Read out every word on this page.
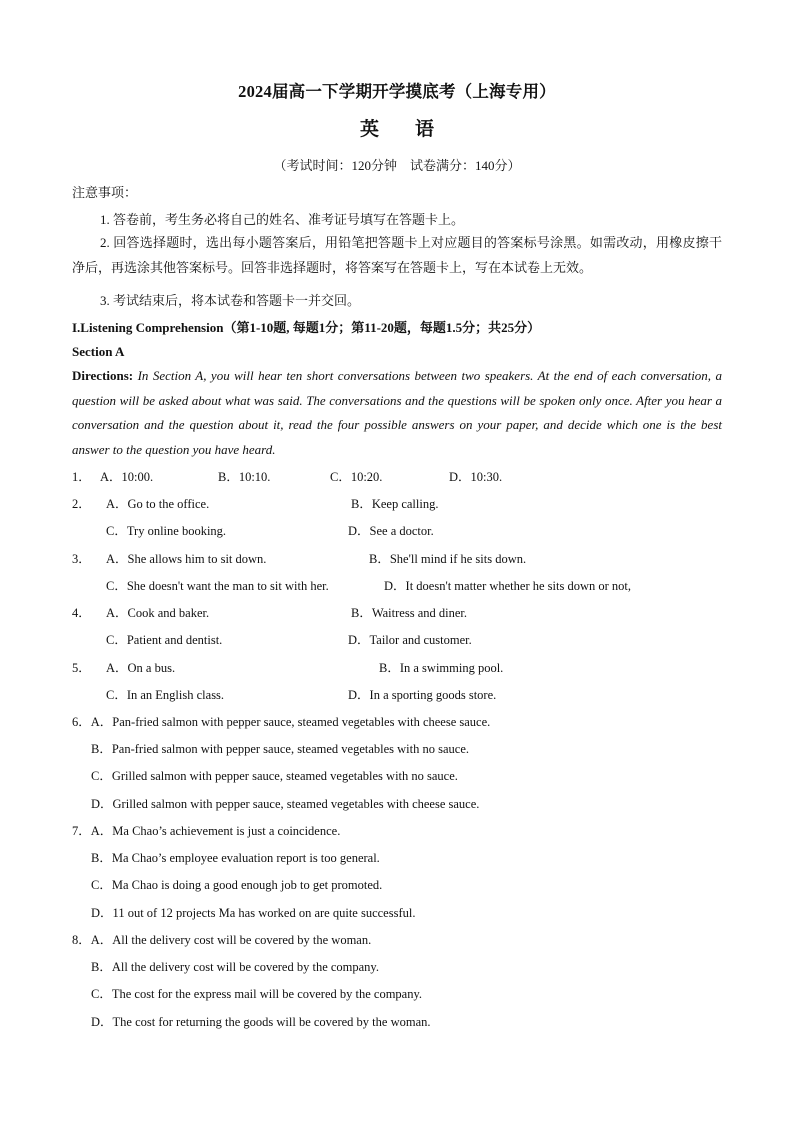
2024届高一下学期开学摸底考（上海专用）
英语
（考试时间：120分钟　试卷满分：140分）
注意事项：
1. 答卷前，考生务必将自己的姓名、准考证号填写在答题卡上。
2. 回答选择题时，选出每小题答案后，用铅笔把答题卡上对应题目的答案标号涂黑。如需改动，用橡皮擦干净后，再选涂其他答案标号。回答非选择题时，将答案写在答题卡上，写在本试卷上无效。
3. 考试结束后，将本试卷和答题卡一并交回。
I.Listening Comprehension（第1-10题, 每题1分；第11-20题，每题1.5分；共25分）
Section A
Directions: In Section A, you will hear ten short conversations between two speakers. At the end of each conversation, a question will be asked about what was said. The conversations and the questions will be spoken only once. After you hear a conversation and the question about it, read the four possible answers on your paper, and decide which one is the best answer to the question you have heard.
1． A．10:00.	B．10:10.	C．10:20.	D．10:30.
2． A．Go to the office.	B．Keep calling.
C．Try online booking.	D．See a doctor.
3． A．She allows him to sit down.	B．She'll mind if he sits down.
C．She doesn't want the man to sit with her.	D．It doesn't matter whether he sits down or not,
4． A．Cook and baker.	B．Waitress and diner.
C．Patient and dentist.	D．Tailor and customer.
5． A．On a bus.	B．In a swimming pool.
C．In an English class.	D．In a sporting goods store.
6．A．Pan-fried salmon with pepper sauce, steamed vegetables with cheese sauce.
B．Pan-fried salmon with pepper sauce, steamed vegetables with no sauce.
C．Grilled salmon with pepper sauce, steamed vegetables with no sauce.
D．Grilled salmon with pepper sauce, steamed vegetables with cheese sauce.
7．A．Ma Chao’s achievement is just a coincidence.
B．Ma Chao’s employee evaluation report is too general.
C．Ma Chao is doing a good enough job to get promoted.
D．11 out of 12 projects Ma has worked on are quite successful.
8．A．All the delivery cost will be covered by the woman.
B．All the delivery cost will be covered by the company.
C．The cost for the express mail will be covered by the company.
D．The cost for returning the goods will be covered by the woman.
